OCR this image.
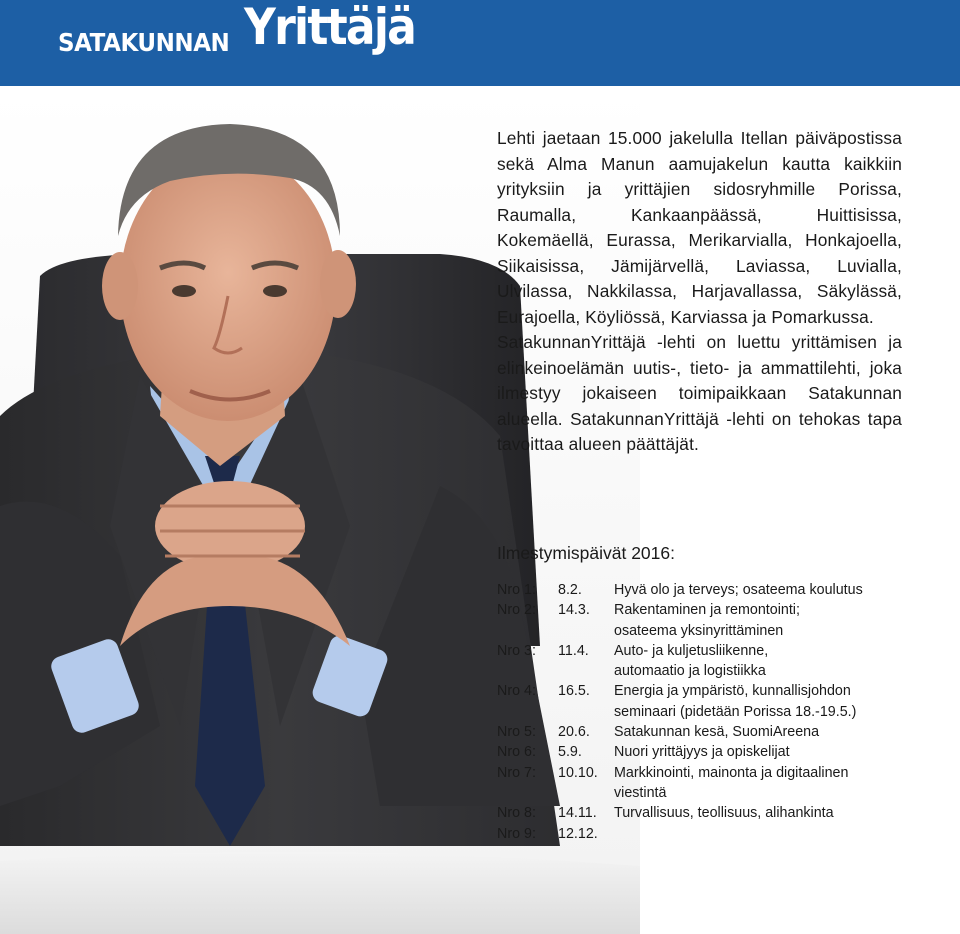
SATAKUNNAN Yrittäjä

Lehti jaetaan 15.000 jakelulla Itellan päiväpostissa sekä Alma Manun aamujakelun kautta kaikkiin yrityksiin ja yrittäjien sidosryhmille Porissa, Raumalla, Kankaanpäässä, Huittisissa, Kokemäellä, Eurassa, Merikarvialla, Honkajoella, Siikaisissa, Jämijärvellä, Laviassa, Luvialla, Ulvilassa, Nakkilassa, Harjavallassa, Säkylässä, Eurajoella, Köyliössä, Karviassa ja Pomarkussa.

SatakunnanYrittäjä -lehti on luettu yrittämisen ja elinkeinoelämän uutis-, tieto- ja ammattilehti, joka ilmestyy jokaiseen toimipaikkaan Satakunnan alueella. SatakunnanYrittäjä -lehti on tehokas tapa tavoittaa alueen päättäjät.

Ilmestymispäivät 2016:
Nro 1: 8.2. Hyvä olo ja terveys; osateema koulutus
Nro 2: 14.3. Rakentaminen ja remontointi;
osateema yksinyrittäminen
Nro 3: 11.4. Auto- ja kuljetusliikenne,
automaatio ja logistiikka
Nro 4: 16.5. Energia ja ympäristö, kunnallisjohdon
seminaari (pidetään Porissa 18.-19.5.)
Nro 5: 20.6. Satakunnan kesä, SuomiAreena
Nro 6: 5.9. Nuori yrittäjyys ja opiskelijat
Nro 7: 10.10. Markkinointi, mainonta ja digitaalinen
viestintä
Nro 8: 14.11. Turvallisuus, teollisuus, alihankinta
Nro 9: 12.12.
